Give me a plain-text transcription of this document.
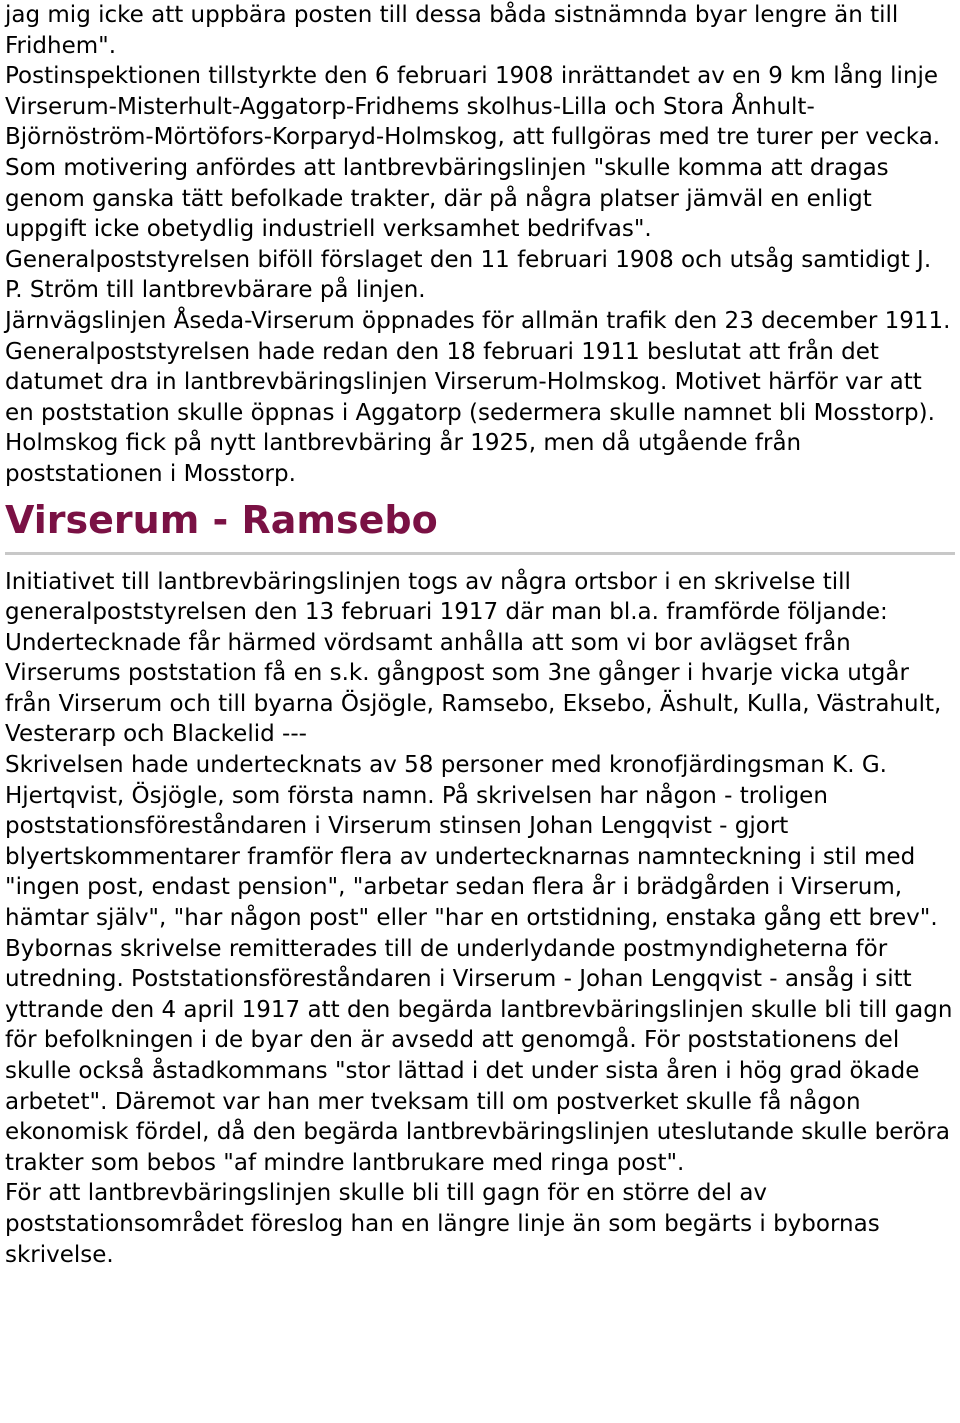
jag mig icke att uppbära posten till dessa båda sistnämnda byar lengre än till Fridhem".

Postinspektionen tillstyrkte den 6 februari 1908 inrättandet av en 9 km lång linje Virserum-Misterhult-Aggatorp-Fridhems skolhus-Lilla och Stora Ånhult-Björnöström-Mörtöfors-Korparyd-Holmskog, att fullgöras med tre turer per vecka. Som motivering anfördes att lantbrevbäringslinjen "skulle komma att dragas genom ganska tätt befolkade trakter, där på några platser jämväl en enligt uppgift icke obetydlig industriell verksamhet bedrifvas".

Generalpoststyrelsen biföll förslaget den 11 februari 1908 och utsåg samtidigt J. P. Ström till lantbrevbärare på linjen.

Järnvägslinjen Åseda-Virserum öppnades för allmän trafik den 23 december 1911. Generalpoststyrelsen hade redan den 18 februari 1911 beslutat att från det datumet dra in lantbrevbäringslinjen Virserum-Holmskog. Motivet härför var att en poststation skulle öppnas i Aggatorp (sedermera skulle namnet bli Mosstorp).

Holmskog fick på nytt lantbrevbäring år 1925, men då utgående från poststationen i Mosstorp.

Virserum - Ramsebo

Initiativet till lantbrevbäringslinjen togs av några ortsbor i en skrivelse till generalpoststyrelsen den 13 februari 1917 där man bl.a. framförde följande:

Undertecknade får härmed vördsamt anhålla att som vi bor avlägset från Virserums poststation få en s.k. gångpost som 3ne gånger i hvarje vicka utgår från Virserum och till byarna Ösjögle, Ramsebo, Eksebo, Äshult, Kulla, Västrahult, Vesterarp och Blackelid ---

Skrivelsen hade undertecknats av 58 personer med kronofjärdingsman K. G. Hjertqvist, Ösjögle, som första namn. På skrivelsen har någon - troligen poststationsföreståndaren i Virserum stinsen Johan Lengqvist - gjort blyertskommentarer framför flera av undertecknarnas namnteckning i stil med "ingen post, endast pension", "arbetar sedan flera år i brädgården i Virserum, hämtar själv", "har någon post" eller "har en ortstidning, enstaka gång ett brev".

Bybornas skrivelse remitterades till de underlydande postmyndigheterna för utredning. Poststationsföreståndaren i Virserum - Johan Lengqvist - ansåg i sitt yttrande den 4 april 1917 att den begärda lantbrevbäringslinjen skulle bli till gagn för befolkningen i de byar den är avsedd att genomgå. För poststationens del skulle också åstadkommans "stor lättad i det under sista åren i hög grad ökade arbetet". Däremot var han mer tveksam till om postverket skulle få någon ekonomisk fördel, då den begärda lantbrevbäringslinjen uteslutande skulle beröra trakter som bebos "af mindre lantbrukare med ringa post".

För att lantbrevbäringslinjen skulle bli till gagn för en större del av poststationsområdet föreslog han en längre linje än som begärts i bybornas skrivelse.
